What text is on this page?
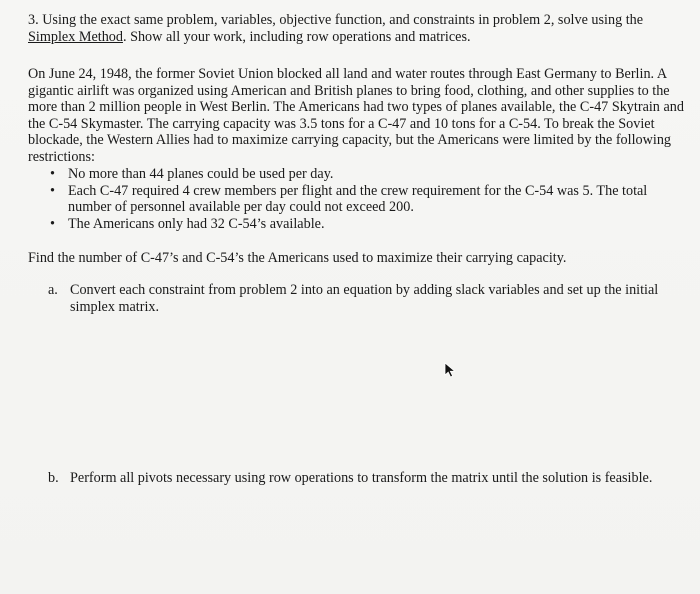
3. Using the exact same problem, variables, objective function, and constraints in problem 2, solve using the Simplex Method. Show all your work, including row operations and matrices.
On June 24, 1948, the former Soviet Union blocked all land and water routes through East Germany to Berlin. A gigantic airlift was organized using American and British planes to bring food, clothing, and other supplies to the more than 2 million people in West Berlin. The Americans had two types of planes available, the C-47 Skytrain and the C-54 Skymaster. The carrying capacity was 3.5 tons for a C-47 and 10 tons for a C-54. To break the Soviet blockade, the Western Allies had to maximize carrying capacity, but the Americans were limited by the following restrictions:
• No more than 44 planes could be used per day.
• Each C-47 required 4 crew members per flight and the crew requirement for the C-54 was 5. The total number of personnel available per day could not exceed 200.
• The Americans only had 32 C-54’s available.
Find the number of C-47’s and C-54’s the Americans used to maximize their carrying capacity.
a. Convert each constraint from problem 2 into an equation by adding slack variables and set up the initial simplex matrix.
b. Perform all pivots necessary using row operations to transform the matrix until the solution is feasible.
